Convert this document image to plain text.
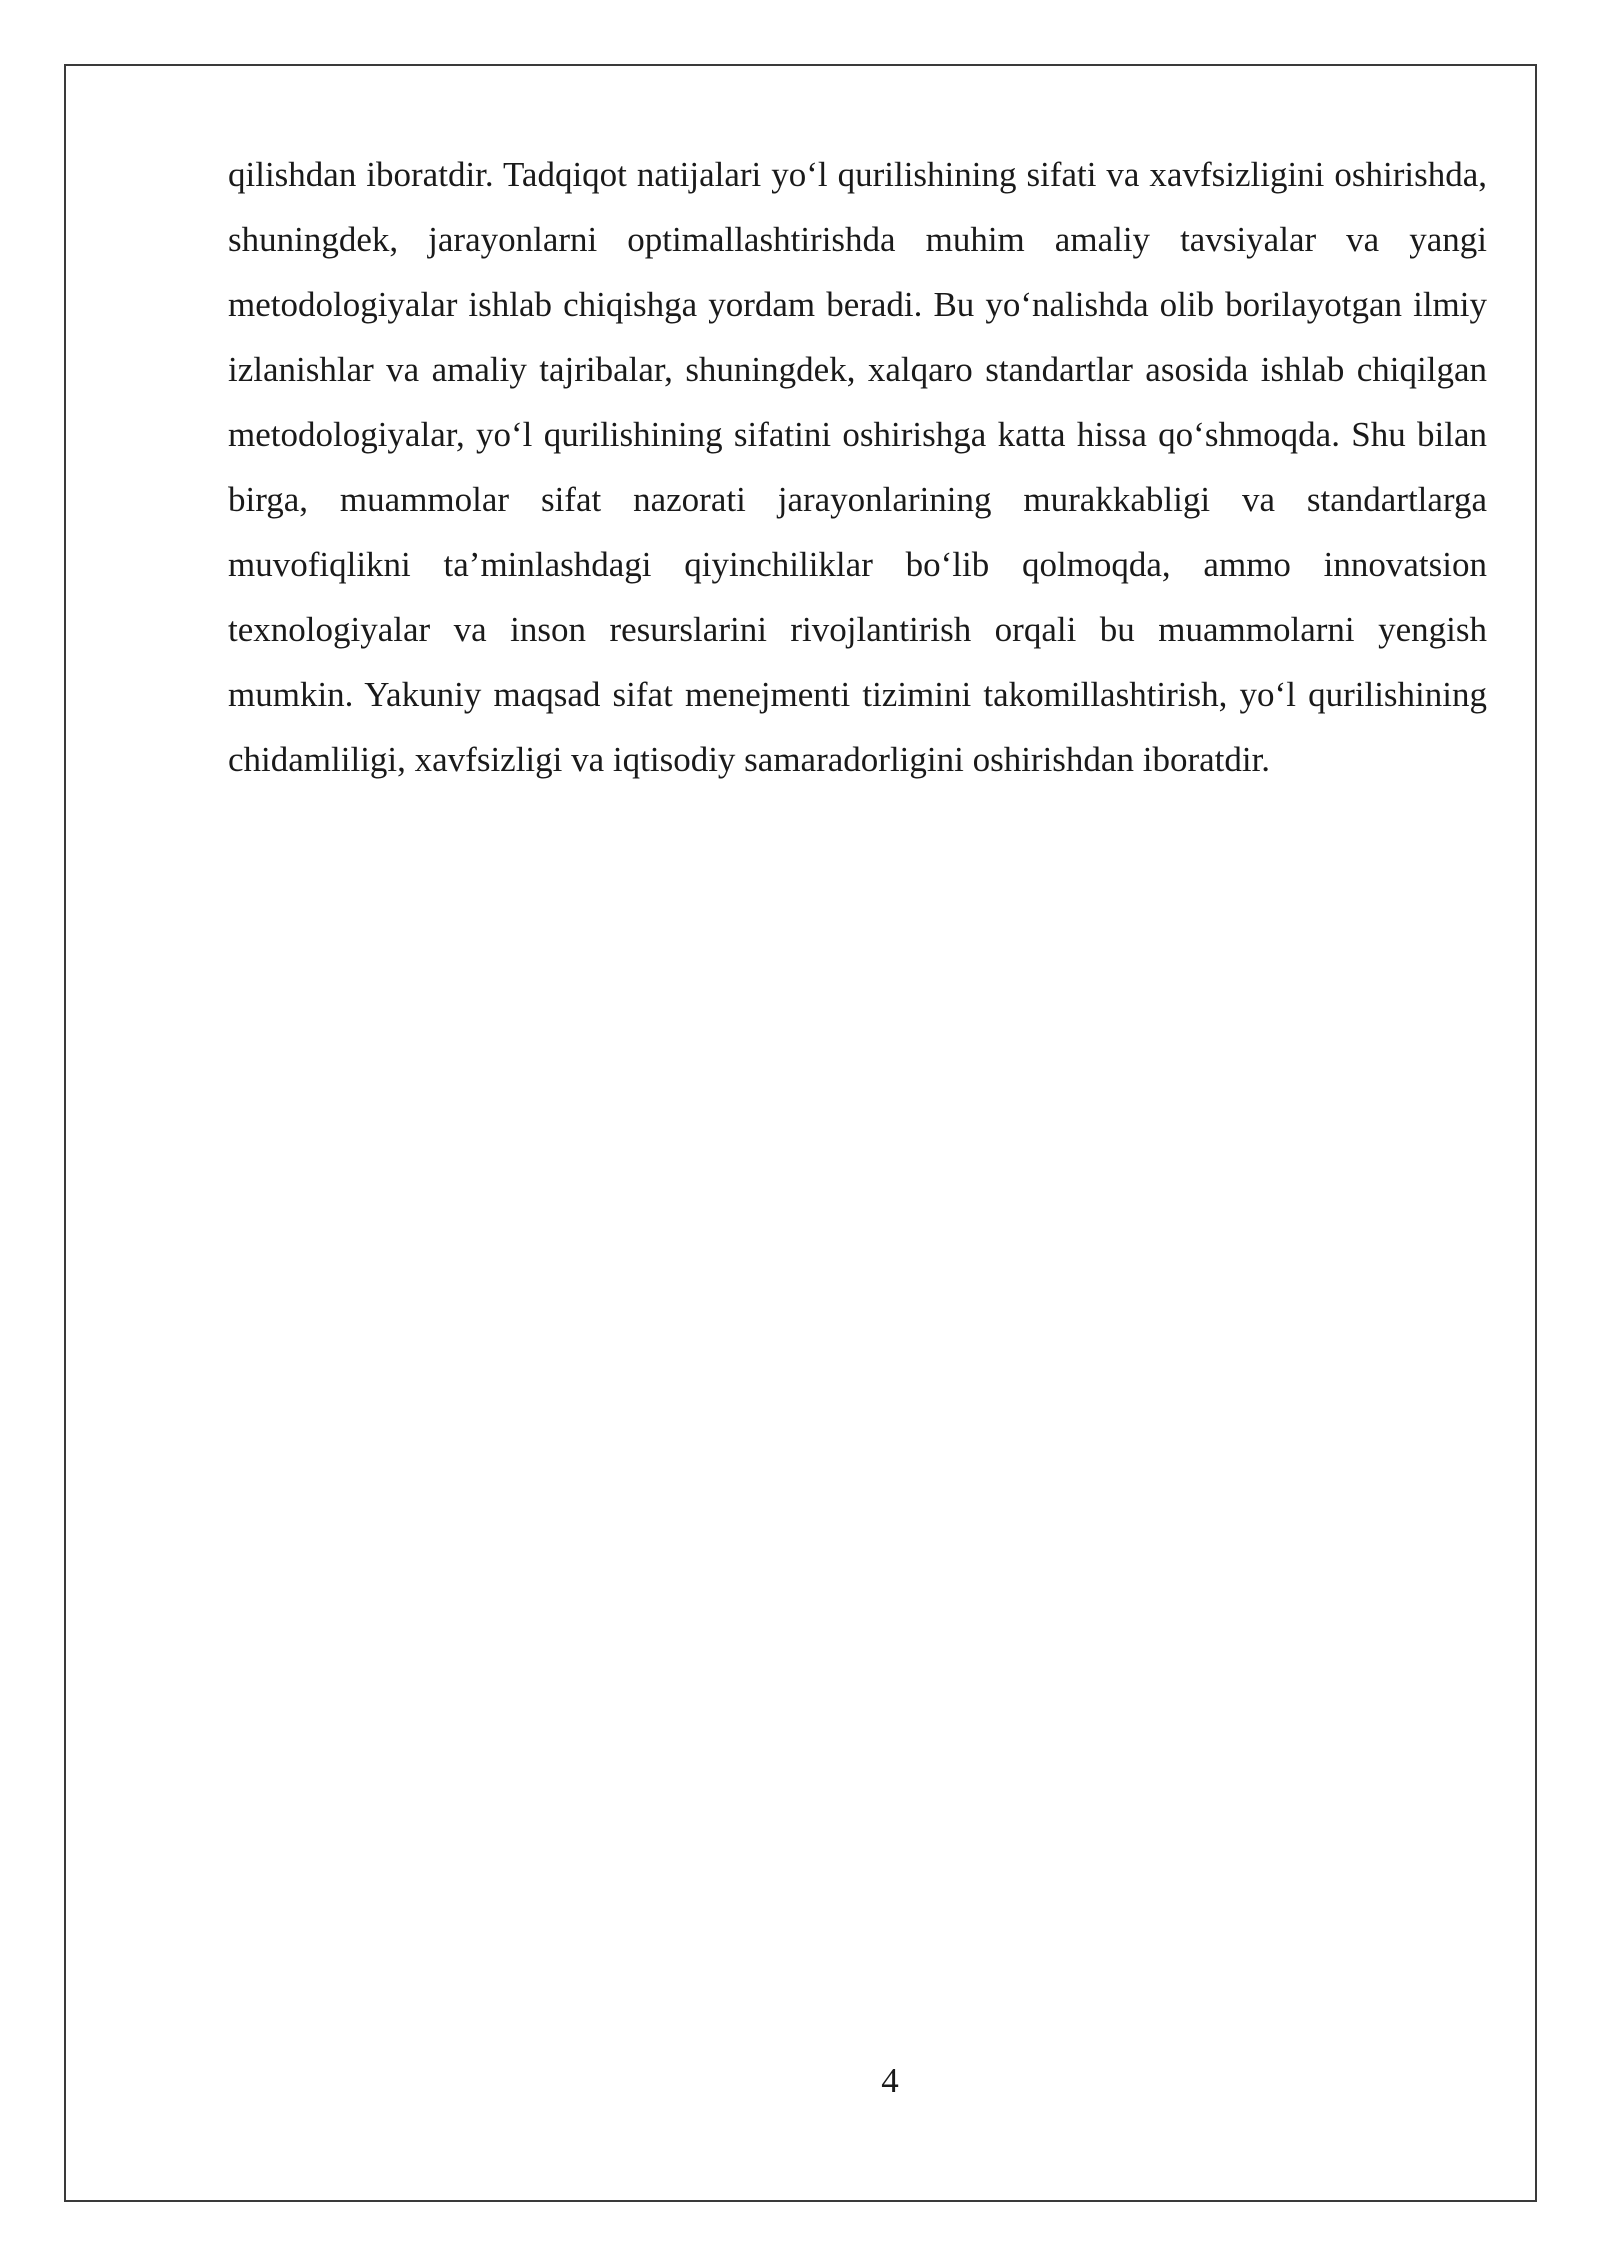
qilishdan iboratdir. Tadqiqot natijalari yo‘l qurilishining sifati va xavfsizligini oshirishda, shuningdek, jarayonlarni optimallashtirishda muhim amaliy tavsiyalar va yangi metodologiyalar ishlab chiqishga yordam beradi. Bu yo‘nalishda olib borilayotgan ilmiy izlanishlar va amaliy tajribalar, shuningdek, xalqaro standartlar asosida ishlab chiqilgan metodologiyalar, yo‘l qurilishining sifatini oshirishga katta hissa qo‘shmoqda. Shu bilan birga, muammolar sifat nazorati jarayonlarining murakkabligi va standartlarga muvofiqlikni ta’minlashdagi qiyinchiliklar bo‘lib qolmoqda, ammo innovatsion texnologiyalar va inson resurslarini rivojlantirish orqali bu muammolarni yengish mumkin. Yakuniy maqsad sifat menejmenti tizimini takomillashtirish, yo‘l qurilishining chidamliligi, xavfsizligi va iqtisodiy samaradorligini oshirishdan iboratdir.

4
